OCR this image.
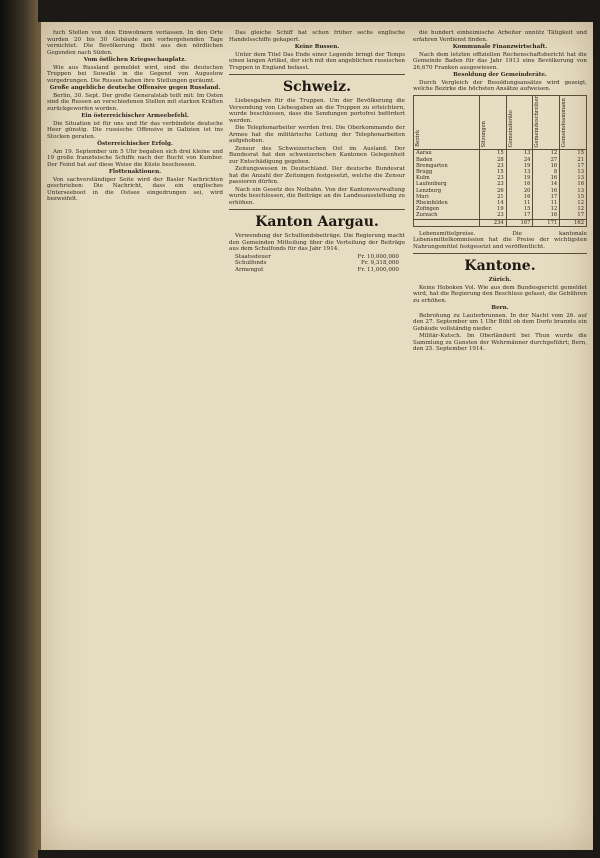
fuch Stellen von den Einwohnern verlassen. In den Orte wurden 20 bis 30 Gebäude am vorhergehenden Tage vernichtet. Die Bevölkerung flieht aus den nördlichen Gegenden nach Süden.

Vom östlichen Kriegsschauplatz.

Wie aus Russland gemeldet wird, sind die deutschen Truppen bei Suwalki in die Gegend von Augustow vorgedrungen. Die Russen haben ihre Stellungen geräumt.

Große angebliche deutsche Offensive gegen Russland.

Berlin, 30. Sept. Der große Generalstab teilt mit: Im Osten sind die Russen an verschiedenen Stellen mit starken Kräften zurückgeworfen worden.

Ein österreichischer Armeebefehl.

Die Situation ist für uns und für das verbündete deutsche Heer günstig. Die russische Offensive in Galizien ist ins Stocken geraten.

Österreichischer Erfolg.

Am 19. September um 5 Uhr begaben sich drei kleine und 19 große französische Schiffe nach der Bucht von Kumbor. Der Feind hat auf diese Weise die Küste beschossen.

Flottenaktionen.

Von sachverständiger Seite wird der Basler Nachrichten geschrieben: Die Nachricht, dass ein englisches Unterseeboot in die Ostsee eingedrungen sei, wird bezweifelt.

Das gleiche Schiff hat schon früher sechs englische Handelsschiffe gekapert.

Keine Russen.

Unter dem Titel Das Ende einer Legende bringt der Temps einen langen Artikel, der sich mit den angeblichen russischen Truppen in England befasst.

Schweiz.

Liebesgaben für die Truppen. Um der Bevölkerung die Versendung von Liebesgaben an die Truppen zu erleichtern, wurde beschlossen, dass die Sendungen portofrei befördert werden.

Die Telephonarbeiter werden frei. Die Oberkommando der Armee hat die militärische Leitung der Telephonarbeiten aufgehoben.

Zensur des Schweizerischen Ost im Ausland. Der Bundesrat hat den schweizerischen Kantonen Gelegenheit zur Entschädigung gegeben.

Zeitungswesen in Deutschland. Der deutsche Bundesrat hat die Anzahl der Zeitungen festgesetzt, welche die Zensur passieren dürfen.

Nach ein Gesetz des Notbahn. Von der Kantonsverwaltung wurde beschlossen, die Beiträge an die Landesausstellung zu erhöhen.

Kanton Aargau.

Verwendung der Schulfondsbeiträge. Die Regierung macht den Gemeinden Mitteilung über die Verteilung der Beiträge aus dem Schulfonds für das Jahr 1914.

Staatssteuer	Fr. 10,000,000
Schulfonds	Fr. 9,318,000
Armengut	Fr. 11,000,000

die hundert einheimische Arbeiter unnütz Tätigkeit und erfahren Verdienst finden.

Kommunale Finanzwirtschaft.

Nach dem letzten offiziellen Rechenschaftsbericht hat die Gemeinde Baden für das Jahr 1913 eine Bevölkerung von 26,670 Franken ausgewiesen.

Besoldung der Gemeinderäte.

Durch Vergleich der Besoldungsansätze wird gezeigt, welche Bezirke die höchsten Ansätze aufweisen.

Bezirk	Sitzungen	Gemeinderäte	Gemeindeschreiber	Gemeindeammann
Aarau	15	13	12	15
Baden	28	24	27	21
Bremgarten	23	19	16	17
Brugg	15	13	8	13
Kulm	23	19	16	13
Laufenburg	23	16	14	16
Lenzburg	26	20	16	13
Muri	21	16	17	15
Rheinfelden	14	11	11	12
Zofingen	19	15	12	12
Zurzach	23	17	16	17
	234	167	171	162

Lebensmittelpreise. Die kantonale Lebensmittelkommission hat die Preise der wichtigsten Nahrungsmittel festgesetzt und veröffentlicht.

Kantone.

Zürich.

Keine Hoboken Vol. Wie aus dem Bundesgericht gemeldet wird, hat die Regierung den Beschluss gefasst, die Gebühren zu erhöhen.

Bern.

Bebrohung zu Lauterbrunnen. In der Nacht vom 26. auf den 27. September um 1 Uhr Bühl ob dem Dorfe brannte ein Gebäude vollständig nieder.

Militär-Kutsch. Im Oberländeril bei Thun wurde die Sammlung zu Gunsten der Wehrmänner durchgeführt; Bern, den 25. September 1914.
